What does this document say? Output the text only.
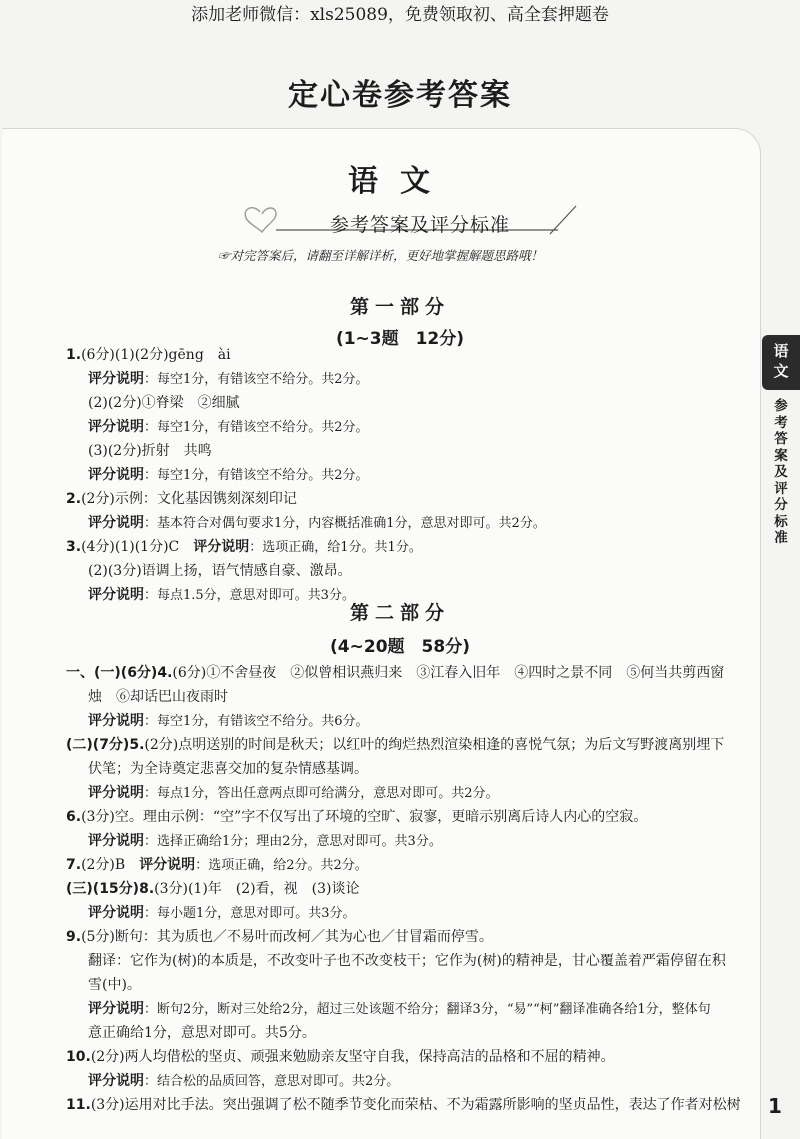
添加老师微信：xls25089，免费领取初、高全套押题卷
定心卷参考答案
语文
参考答案及评分标准
☞对完答案后，请翻至详解详析，更好地掌握解题思路哦！
语文
参考答案及评分标准
第一部分
(1~3题　12分)
第二部分
(4~20题　58分)
1.(6分)(1)(2分)gēng　ài
评分说明：每空1分，有错该空不给分。共2分。
(2)(2分)①脊梁　②细腻
评分说明：每空1分，有错该空不给分。共2分。
(3)(2分)折射　共鸣
评分说明：每空1分，有错该空不给分。共2分。
2.(2分)示例：文化基因镌刻深刻印记
评分说明：基本符合对偶句要求1分，内容概括准确1分，意思对即可。共2分。
3.(4分)(1)(1分)C　评分说明：选项正确，给1分。共1分。
(2)(3分)语调上扬，语气情感自豪、激昂。
评分说明：每点1.5分，意思对即可。共3分。
一、(一)(6分)4.(6分)①不舍昼夜　②似曾相识燕归来　③江春入旧年　④四时之景不同　⑤何当共剪西窗
烛　⑥却话巴山夜雨时
评分说明：每空1分，有错该空不给分。共6分。
(二)(7分)5.(2分)点明送别的时间是秋天；以红叶的绚烂热烈渲染相逢的喜悦气氛；为后文写野渡离别埋下
伏笔；为全诗奠定悲喜交加的复杂情感基调。
评分说明：每点1分，答出任意两点即可给满分，意思对即可。共2分。
6.(3分)空。理由示例：“空”字不仅写出了环境的空旷、寂寥，更暗示别离后诗人内心的空寂。
评分说明：选择正确给1分；理由2分，意思对即可。共3分。
7.(2分)B　评分说明：选项正确，给2分。共2分。
(三)(15分)8.(3分)(1)年　(2)看，视　(3)谈论
评分说明：每小题1分，意思对即可。共3分。
9.(5分)断句：其为质也／不易叶而改柯／其为心也／甘冒霜而停雪。
翻译：它作为(树)的本质是，不改变叶子也不改变枝干；它作为(树)的精神是，甘心覆盖着严霜停留在积
雪(中)。
评分说明：断句2分，断对三处给2分，超过三处该题不给分；翻译3分，“易”“柯”翻译准确各给1分，整体句
意正确给1分，意思对即可。共5分。
10.(2分)两人均借松的坚贞、顽强来勉励亲友坚守自我，保持高洁的品格和不屈的精神。
评分说明：结合松的品质回答，意思对即可。共2分。
11.(3分)运用对比手法。突出强调了松不随季节变化而荣枯、不为霜露所影响的坚贞品性，表达了作者对松树 1
